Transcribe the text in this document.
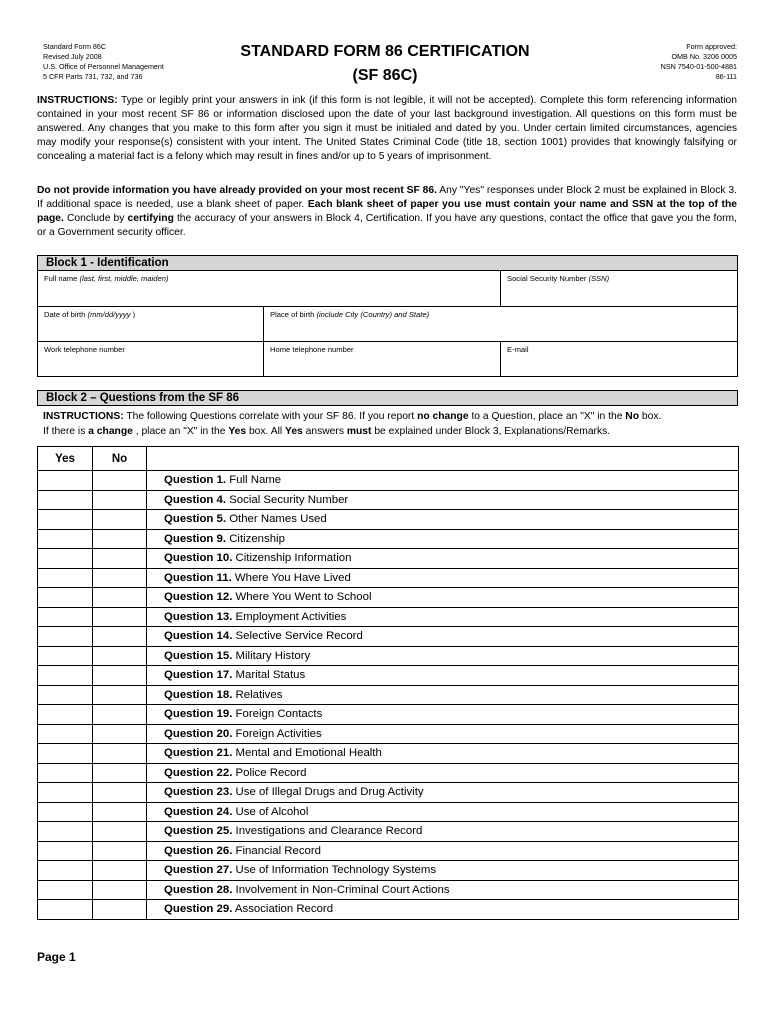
Standard Form 86C
Revised July 2008
U.S. Office of Personnel Management
5 CFR Parts 731, 732, and 736
STANDARD FORM 86 CERTIFICATION
(SF 86C)
Form approved:
OMB No. 3206 0005
NSN 7540-01-500-4881
86-111
INSTRUCTIONS: Type or legibly print your answers in ink (if this form is not legible, it will not be accepted). Complete this form referencing information contained in your most recent SF 86 or information disclosed upon the date of your last background investigation. All questions on this form must be answered. Any changes that you make to this form after you sign it must be initialed and dated by you. Under certain limited circumstances, agencies may modify your response(s) consistent with your intent. The United States Criminal Code (title 18, section 1001) provides that knowingly falsifying or concealing a material fact is a felony which may result in fines and/or up to 5 years of imprisonment.
Do not provide information you have already provided on your most recent SF 86. Any "Yes" responses under Block 2 must be explained in Block 3. If additional space is needed, use a blank sheet of paper. Each blank sheet of paper you use must contain your name and SSN at the top of the page. Conclude by certifying the accuracy of your answers in Block 4, Certification. If you have any questions, contact the office that gave you the form, or a Government security officer.
Block 1 - Identification
Full name (last, first, middle, maiden)	Social Security Number (SSN)
Date of birth (mm/dd/yyyy )	Place of birth (include City (Country) and State)
Work telephone number	Home telephone number	E-mail
Block 2 – Questions from the SF 86
INSTRUCTIONS: The following Questions correlate with your SF 86. If you report no change to a Question, place an "X" in the No box.
If there is a change , place an "X" in the Yes box. All Yes answers must be explained under Block 3, Explanations/Remarks.
Yes	No	
		Question 1. Full Name
		Question 4. Social Security Number
		Question 5. Other Names Used
		Question 9. Citizenship
		Question 10. Citizenship Information
		Question 11. Where You Have Lived
		Question 12. Where You Went to School
		Question 13. Employment Activities
		Question 14. Selective Service Record
		Question 15. Military History
		Question 17. Marital Status
		Question 18. Relatives
		Question 19. Foreign Contacts
		Question 20. Foreign Activities
		Question 21. Mental and Emotional Health
		Question 22. Police Record
		Question 23. Use of Illegal Drugs and Drug Activity
		Question 24. Use of Alcohol
		Question 25. Investigations and Clearance Record
		Question 26. Financial Record
		Question 27. Use of Information Technology Systems
		Question 28. Involvement in Non-Criminal Court Actions
		Question 29. Association Record
Page 1
